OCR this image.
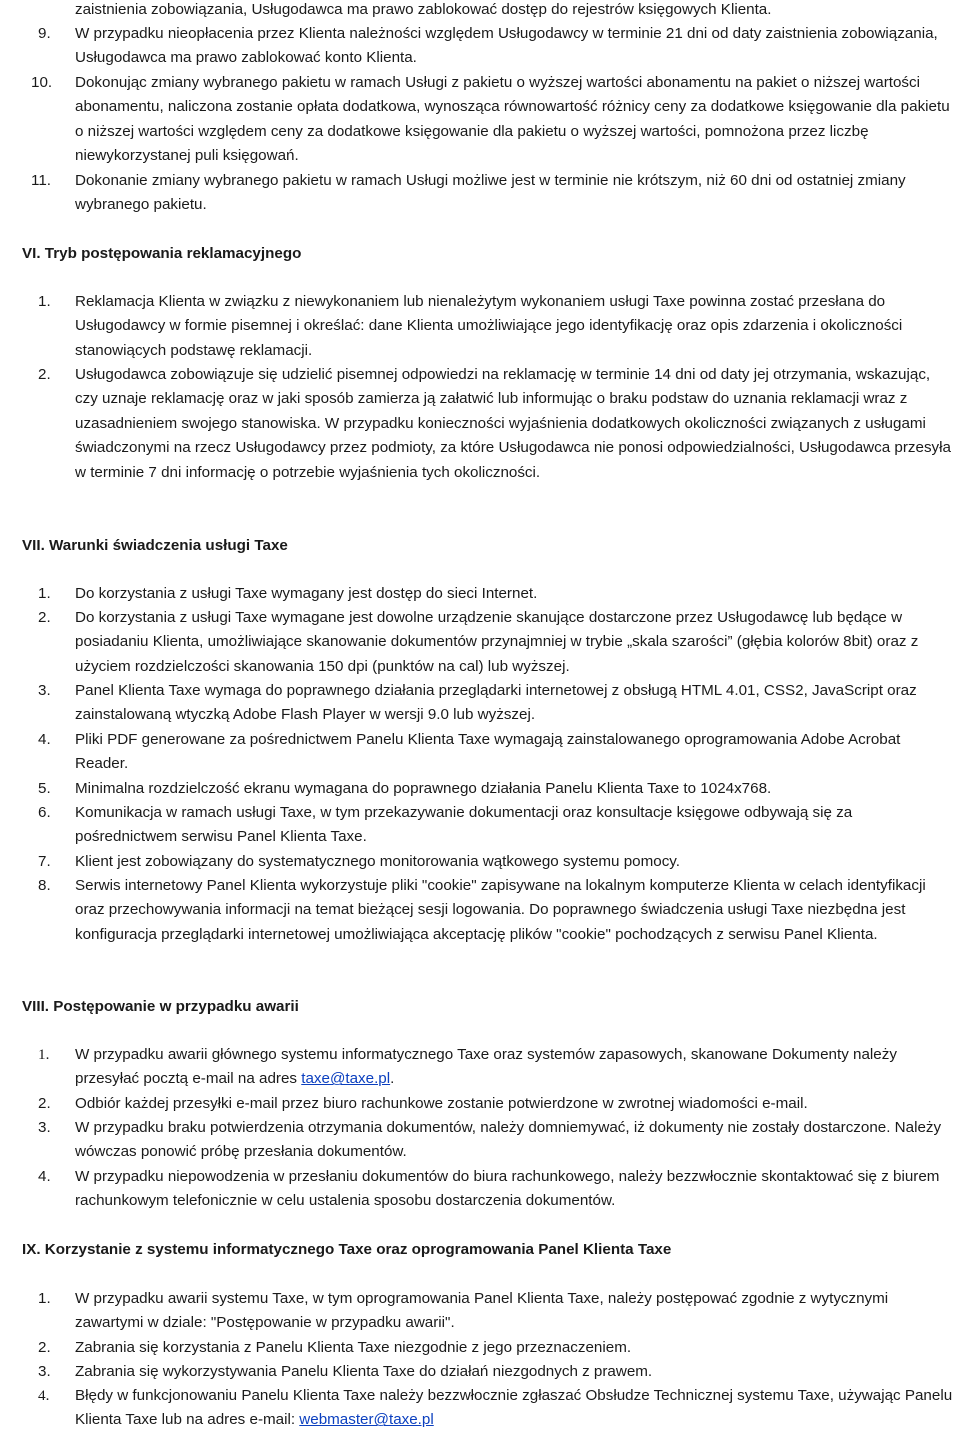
zaistnienia zobowiązania, Usługodawca ma prawo zablokować dostęp do rejestrów księgowych Klienta.
9.	W przypadku nieopłacenia przez Klienta należności względem Usługodawcy w terminie 21 dni od daty zaistnienia zobowiązania, Usługodawca ma prawo zablokować konto Klienta.
10.	Dokonując zmiany wybranego pakietu w ramach Usługi z pakietu o wyższej wartości abonamentu na pakiet o niższej wartości abonamentu, naliczona zostanie opłata dodatkowa, wynosząca równowartość różnicy ceny za dodatkowe księgowanie dla pakietu o niższej wartości względem ceny za dodatkowe księgowanie dla pakietu o wyższej wartości, pomnożona przez liczbę niewykorzystanej puli księgowań.
11.	Dokonanie zmiany wybranego pakietu w ramach Usługi możliwe jest w terminie nie krótszym, niż 60 dni od ostatniej zmiany wybranego pakietu.
VI. Tryb postępowania reklamacyjnego
1.	Reklamacja Klienta w związku z niewykonaniem lub nienależytym wykonaniem usługi Taxe powinna zostać przesłana do Usługodawcy w formie pisemnej i określać: dane Klienta umożliwiające jego identyfikację oraz opis zdarzenia i okoliczności stanowiących podstawę reklamacji.
2.	Usługodawca zobowiązuje się udzielić pisemnej odpowiedzi na reklamację w terminie 14 dni od daty jej otrzymania, wskazując, czy uznaje reklamację oraz w jaki sposób zamierza ją załatwić lub informując o braku podstaw do uznania reklamacji wraz z uzasadnieniem swojego stanowiska. W przypadku konieczności wyjaśnienia dodatkowych okoliczności związanych z usługami świadczonymi na rzecz Usługodawcy przez podmioty, za które Usługodawca nie ponosi odpowiedzialności, Usługodawca przesyła w terminie 7 dni informację o potrzebie wyjaśnienia tych okoliczności.
VII. Warunki świadczenia usługi Taxe
1.	Do korzystania z usługi Taxe wymagany jest dostęp do sieci Internet.
2.	Do korzystania z usługi Taxe wymagane jest dowolne urządzenie skanujące dostarczone przez Usługodawcę lub będące w posiadaniu Klienta, umożliwiające skanowanie dokumentów przynajmniej w trybie „skala szarości” (głębia kolorów 8bit) oraz z użyciem rozdzielczości skanowania 150 dpi (punktów na cal) lub wyższej.
3.	Panel Klienta Taxe wymaga do poprawnego działania przeglądarki internetowej z obsługą HTML 4.01, CSS2, JavaScript oraz zainstalowaną wtyczką Adobe Flash Player w wersji 9.0 lub wyższej.
4.	Pliki PDF generowane za pośrednictwem Panelu Klienta Taxe wymagają zainstalowanego oprogramowania Adobe Acrobat Reader.
5.	Minimalna rozdzielczość ekranu wymagana do poprawnego działania Panelu Klienta Taxe to 1024x768.
6.	Komunikacja w ramach usługi Taxe, w tym przekazywanie dokumentacji oraz konsultacje księgowe odbywają się za pośrednictwem serwisu Panel Klienta Taxe.
7.	Klient jest zobowiązany do systematycznego monitorowania wątkowego systemu pomocy.
8.	Serwis internetowy Panel Klienta wykorzystuje pliki "cookie" zapisywane na lokalnym komputerze Klienta w celach identyfikacji oraz przechowywania informacji na temat bieżącej sesji logowania. Do poprawnego świadczenia usługi Taxe niezbędna jest konfiguracja przeglądarki internetowej umożliwiająca akceptację plików "cookie" pochodzących z serwisu Panel Klienta.
VIII. Postępowanie w przypadku awarii
1.	W przypadku awarii głównego systemu informatycznego Taxe oraz systemów zapasowych, skanowane Dokumenty należy przesyłać pocztą e-mail na adres taxe@taxe.pl.
2.	Odbiór każdej przesyłki e-mail przez biuro rachunkowe zostanie potwierdzone w zwrotnej wiadomości e-mail.
3.	W przypadku braku potwierdzenia otrzymania dokumentów, należy domniemywać, iż dokumenty nie zostały dostarczone. Należy wówczas ponowić próbę przesłania dokumentów.
4.	W przypadku niepowodzenia w przesłaniu dokumentów do biura rachunkowego, należy bezzwłocznie skontaktować się z biurem rachunkowym telefonicznie w celu ustalenia sposobu dostarczenia dokumentów.
IX. Korzystanie z systemu informatycznego Taxe oraz oprogramowania Panel Klienta Taxe
1.	W przypadku awarii systemu Taxe, w tym oprogramowania Panel Klienta Taxe, należy postępować zgodnie z wytycznymi zawartymi w dziale: "Postępowanie w przypadku awarii".
2.	Zabrania się korzystania z Panelu Klienta Taxe niezgodnie z jego przeznaczeniem.
3.	Zabrania się wykorzystywania Panelu Klienta Taxe do działań niezgodnych z prawem.
4.	Błędy w funkcjonowaniu Panelu Klienta Taxe należy bezzwłocznie zgłaszać Obsłudze Technicznej systemu Taxe, używając Panelu Klienta Taxe lub na adres e-mail: webmaster@taxe.pl
